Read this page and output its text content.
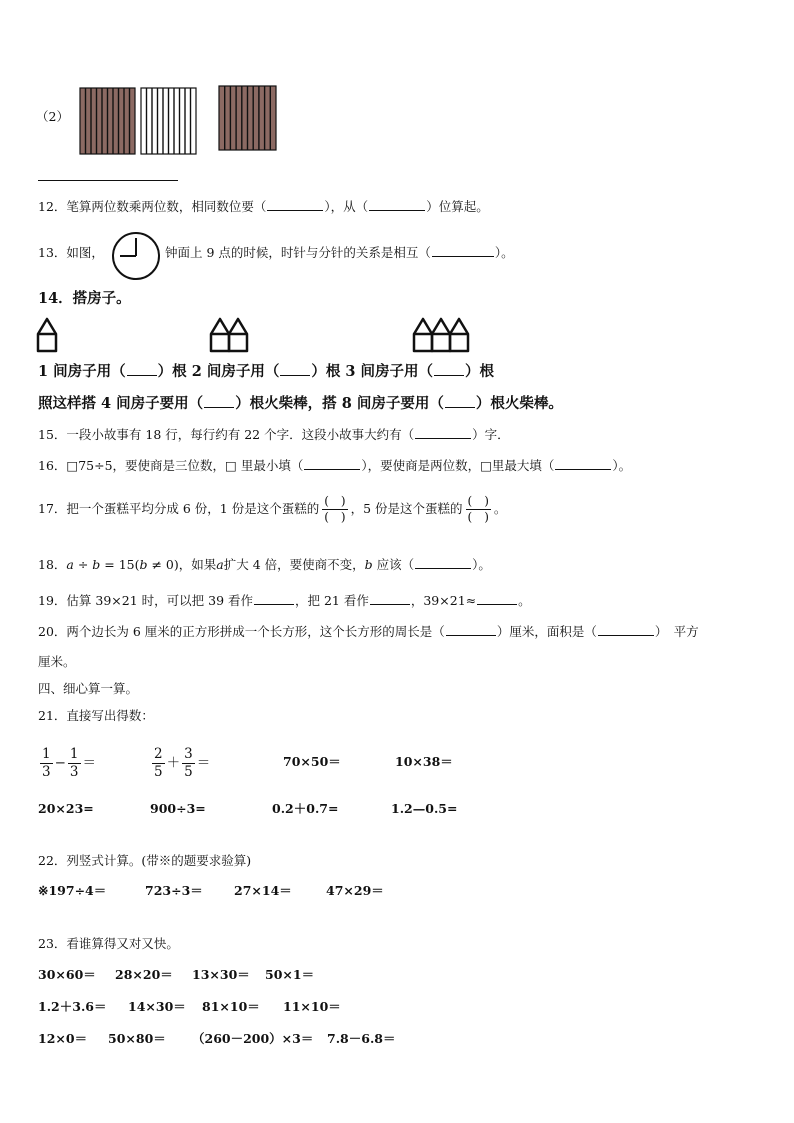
（2）
12．笔算两位数乘两位数，相同数位要（	），从（	）位算起。
13．如图，	钟面上 9 点的时候，时针与分针的关系是相互（	）。
14．搭房子。
1 间房子用（ ）根 2 间房子用（ ）根 3 间房子用（ ）根
照这样搭 4 间房子要用（ ）根火柴棒，搭 8 间房子要用（ ）根火柴棒。
15．一段小故事有 18 行，每行约有 22 个字．这段小故事大约有（	）字．
16．□75÷5，要使商是三位数，□ 里最小填（	），要使商是两位数，□里最大填（	）。
17．把一个蛋糕平均分成 6 份，1 份是这个蛋糕的 $\frac{( )}{( )}$ ，5 份是这个蛋糕的 $\frac{( )}{( )}$ 。
18．a ÷ b = 15(b ≠ 0)，如果a扩大 4 倍，要使商不变，b 应该（	）。
19．估算 39×21 时，可以把 39 看作	，把 21 看作	，39×21≈	。
20．两个边长为 6 厘米的正方形拼成一个长方形，这个长方形的周长是（	）厘米，面积是（	）　平方
厘米。
四、细心算一算。
21．直接写出得数：
$\frac{1}{3} - \frac{1}{3}$ ＝	$\frac{2}{5} + \frac{3}{5}$ ＝	70×50＝	10×38＝
20×23=	900÷3=	0.2＋0.7=	1.2—0.5=
22．列竖式计算。(带※的题要求验算)
※197÷4＝	723÷3＝ 27×14＝	47×29＝
23．看谁算得又对又快。
30×60＝ 28×20＝ 13×30＝ 50×1＝
1.2＋3.6＝ 14×30＝ 81×10＝ 11×10＝
12×0＝ 50×80＝ （260－200）×3＝ 7.8－6.8＝
